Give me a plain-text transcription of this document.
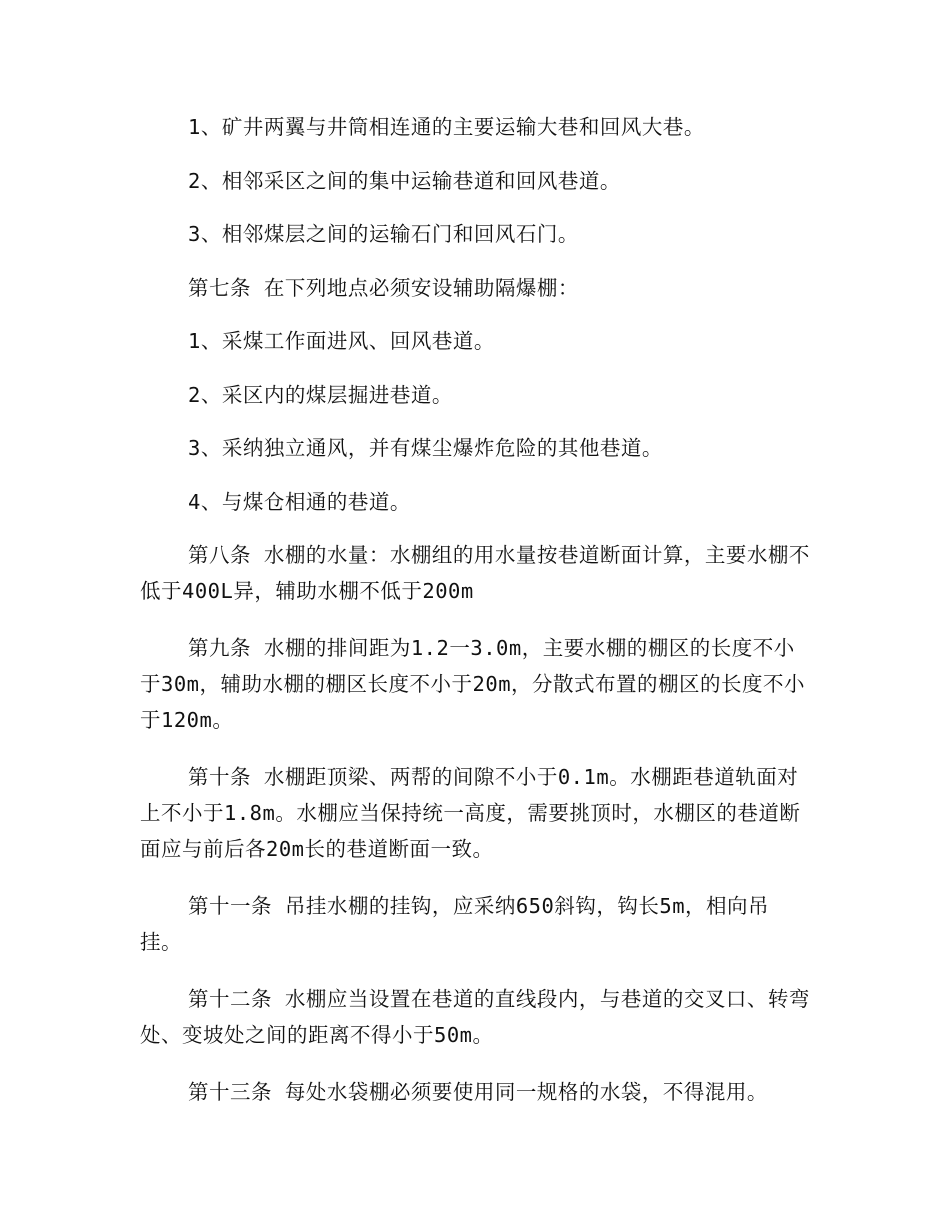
1、矿井两翼与井筒相连通的主要运输大巷和回风大巷。

2、相邻采区之间的集中运输巷道和回风巷道。

3、相邻煤层之间的运输石门和回风石门。

第七条 在下列地点必须安设辅助隔爆棚：

1、采煤工作面进风、回风巷道。

2、采区内的煤层掘进巷道。

3、采纳独立通风，并有煤尘爆炸危险的其他巷道。

4、与煤仓相通的巷道。

第八条 水棚的水量：水棚组的用水量按巷道断面计算，主要水棚不低于400L异，辅助水棚不低于200m

第九条 水棚的排间距为1.2一3.0m，主要水棚的棚区的长度不小于30m，辅助水棚的棚区长度不小于20m，分散式布置的棚区的长度不小于120m。

第十条 水棚距顶梁、两帮的间隙不小于0.1m。水棚距巷道轨面对上不小于1.8m。水棚应当保持统一高度，需要挑顶时，水棚区的巷道断面应与前后各20m长的巷道断面一致。

第十一条 吊挂水棚的挂钩，应采纳650斜钩，钩长5m，相向吊挂。

第十二条 水棚应当设置在巷道的直线段内，与巷道的交叉口、转弯处、变坡处之间的距离不得小于50m。

第十三条 每处水袋棚必须要使用同一规格的水袋，不得混用。
